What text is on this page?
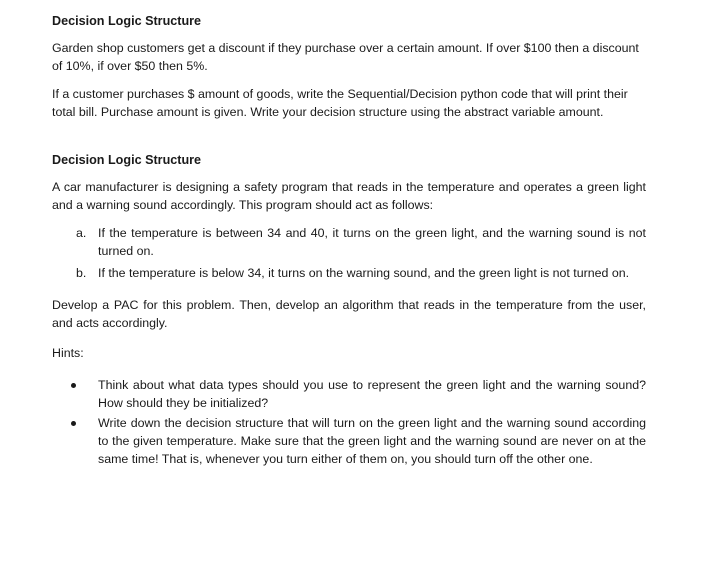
Decision Logic Structure

Garden shop customers get a discount if they purchase over a certain amount. If over $100 then a discount of 10%, if over $50 then 5%.

If a customer purchases $ amount of goods, write the Sequential/Decision python code that will print their total bill. Purchase amount is given. Write your decision structure using the abstract variable amount.

Decision Logic Structure

A car manufacturer is designing a safety program that reads in the temperature and operates a green light and a warning sound accordingly. This program should act as follows:

a. If the temperature is between 34 and 40, it turns on the green light, and the warning sound is not turned on.
b. If the temperature is below 34, it turns on the warning sound, and the green light is not turned on.

Develop a PAC for this problem. Then, develop an algorithm that reads in the temperature from the user, and acts accordingly.

Hints:

Think about what data types should you use to represent the green light and the warning sound? How should they be initialized?
Write down the decision structure that will turn on the green light and the warning sound according to the given temperature. Make sure that the green light and the warning sound are never on at the same time! That is, whenever you turn either of them on, you should turn off the other one.
